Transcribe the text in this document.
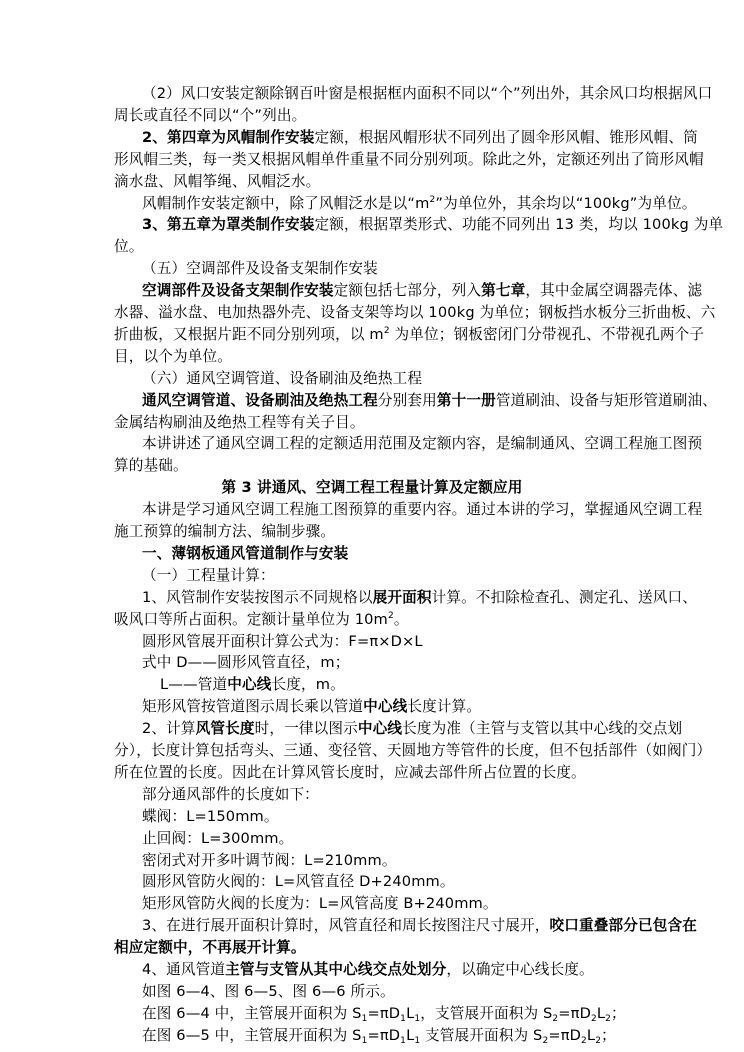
（2）风口安装定额除钢百叶窗是根据框内面积不同以“个”列出外，其余风口均根据风口
周长或直径不同以“个”列出。
2、第四章为风帽制作安装定额，根据风帽形状不同列出了圆伞形风帽、锥形风帽、筒
形风帽三类，每一类又根据风帽单件重量不同分别列项。除此之外，定额还列出了筒形风帽
滴水盘、风帽筝绳、风帽泛水。
风帽制作安装定额中，除了风帽泛水是以“$m^2$”为单位外，其余均以“100kg”为单位。
3、第五章为罩类制作安装定额，根据罩类形式、功能不同列出 13 类，均以 100kg 为单
位。
（五）空调部件及设备支架制作安装
空调部件及设备支架制作安装定额包括七部分，列入第七章，其中金属空调器壳体、滤
水器、溢水盘、电加热器外壳、设备支架等均以 100kg 为单位；钢板挡水板分三折曲板、六
折曲板，又根据片距不同分别列项，以 $m^2$ 为单位；钢板密闭门分带视孔、不带视孔两个子
目，以个为单位。
（六）通风空调管道、设备刷油及绝热工程
通风空调管道、设备刷油及绝热工程分别套用第十一册管道刷油、设备与矩形管道刷油、
金属结构刷油及绝热工程等有关子目。
本讲讲述了通风空调工程的定额适用范围及定额内容，是编制通风、空调工程施工图预
算的基础。
第 3 讲通风、空调工程工程量计算及定额应用
本讲是学习通风空调工程施工图预算的重要内容。通过本讲的学习，掌握通风空调工程
施工预算的编制方法、编制步骤。
一、薄钢板通风管道制作与安装
（一）工程量计算：
1、风管制作安装按图示不同规格以展开面积计算。不扣除检查孔、测定孔、送风口、
吸风口等所占面积。定额计量单位为 $10m^2$。
圆形风管展开面积计算公式为：F=π×D×L
式中 D——圆形风管直径，m；
L——管道中心线长度，m。
矩形风管按管道图示周长乘以管道中心线长度计算。
2、计算风管长度时，一律以图示中心线长度为准（主管与支管以其中心线的交点划
分），长度计算包括弯头、三通、变径管、天圆地方等管件的长度，但不包括部件（如阀门）
所在位置的长度。因此在计算风管长度时，应减去部件所占位置的长度。
部分通风部件的长度如下：
蝶阀：L=150mm。
止回阀：L=300mm。
密闭式对开多叶调节阀：L=210mm。
圆形风管防火阀的：L=风管直径 D+240mm。
矩形风管防火阀的长度为：L=风管高度 B+240mm。
3、在进行展开面积计算时，风管直径和周长按图注尺寸展开，咬口重叠部分已包含在
相应定额中，不再展开计算。
4、通风管道主管与支管从其中心线交点处划分，以确定中心线长度。
如图 6—4、图 6—5、图 6—6 所示。
在图 6—4 中，主管展开面积为 $S_1=\pi D_1L_1$，支管展开面积为 $S_2=\pi D_2L_2$；
在图 6—5 中，主管展开面积为 $S_1=\pi D_1L_1$ 支管展开面积为 $S_2=\pi D_2L_2$；
